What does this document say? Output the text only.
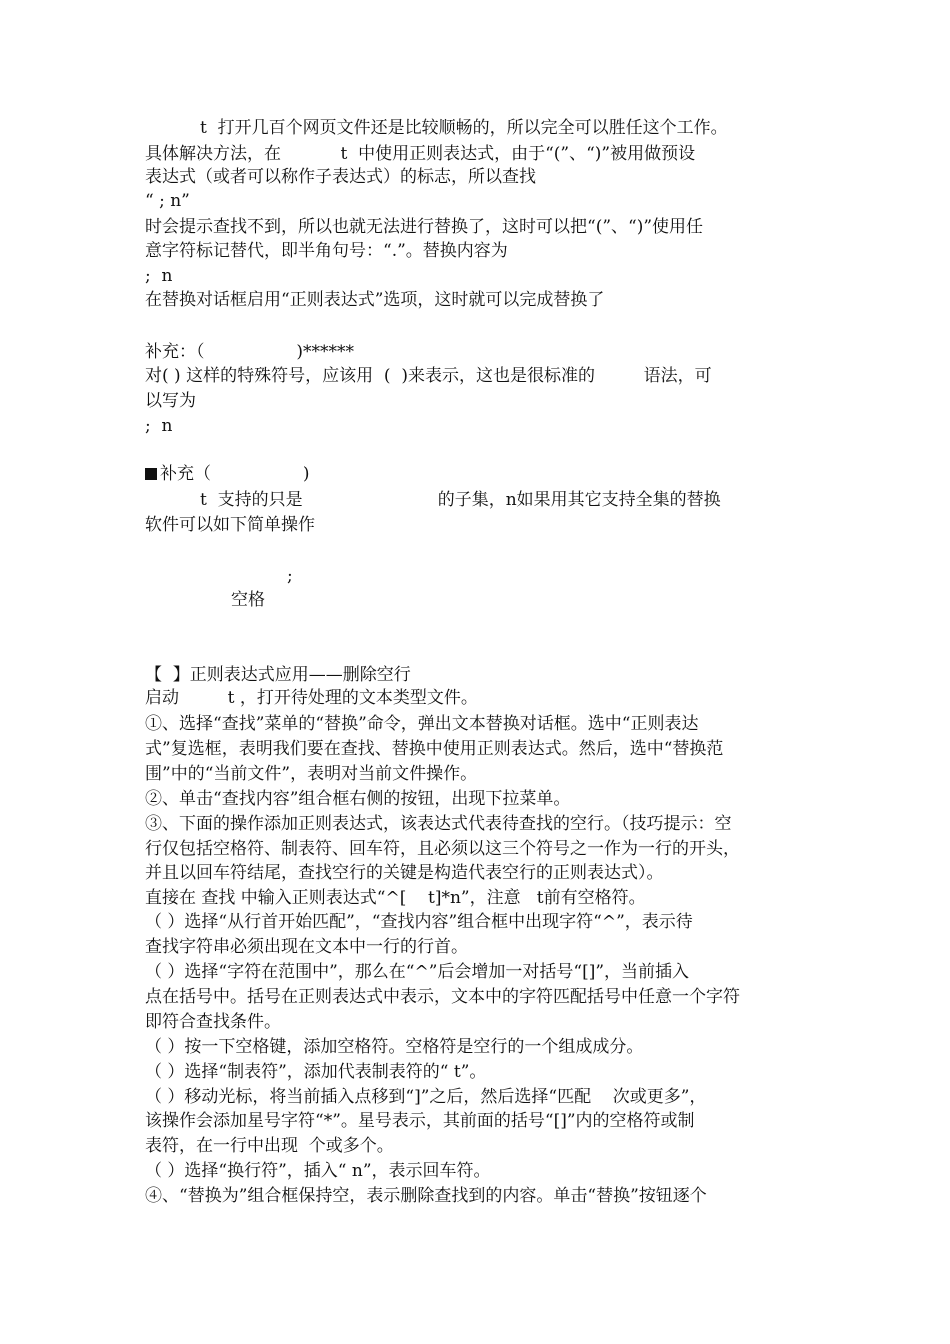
t  打开几百个网页文件还是比较顺畅的，所以完全可以胜任这个工作。
具体解决方法，在           t  中使用正则表达式，由于“(”、“)”被用做预设
表达式（或者可以称作子表达式）的标志，所以查找
“ ; n”
时会提示查找不到，所以也就无法进行替换了，这时可以把“(”、“)”使用任
意字符标记替代，即半角句号：“.”。替换内容为
;  n
在替换对话框启用“正则表达式”选项，这时就可以完成替换了
补充：（                 )******
对( ) 这样的特殊符号，应该用  (  )来表示，这也是很标准的         语法，可
以写为
;  n
补充（                 )
t  支持的只是                         的子集，n如果用其它支持全集的替换
软件可以如下简单操作
;
空格
【  】正则表达式应用——删除空行
启动         t ，打开待处理的文本类型文件。
①、选择“查找”菜单的“替换”命令，弹出文本替换对话框。选中“正则表达
式”复选框，表明我们要在查找、替换中使用正则表达式。然后，选中“替换范
围”中的“当前文件”，表明对当前文件操作。
②、单击“查找内容”组合框右侧的按钮，出现下拉菜单。
③、下面的操作添加正则表达式，该表达式代表待查找的空行。（技巧提示：空
行仅包括空格符、制表符、回车符，且必须以这三个符号之一作为一行的开头，
并且以回车符结尾，查找空行的关键是构造代表空行的正则表达式）。
直接在 查找 中输入正则表达式“^[    t]*n”，注意   t前有空格符。
（ ）选择“从行首开始匹配”，“查找内容”组合框中出现字符“^”，表示待
查找字符串必须出现在文本中一行的行首。
（ ）选择“字符在范围中”，那么在“^”后会增加一对括号“[]”，当前插入
点在括号中。括号在正则表达式中表示，文本中的字符匹配括号中任意一个字符
即符合查找条件。
（ ）按一下空格键，添加空格符。空格符是空行的一个组成成分。
（ ）选择“制表符”，添加代表制表符的“ t”。
（ ）移动光标，将当前插入点移到“]”之后，然后选择“匹配    次或更多”，
该操作会添加星号字符“*”。星号表示，其前面的括号“[]”内的空格符或制
表符，在一行中出现  个或多个。
（ ）选择“换行符”，插入“ n”，表示回车符。
④、“替换为”组合框保持空，表示删除查找到的内容。单击“替换”按钮逐个
